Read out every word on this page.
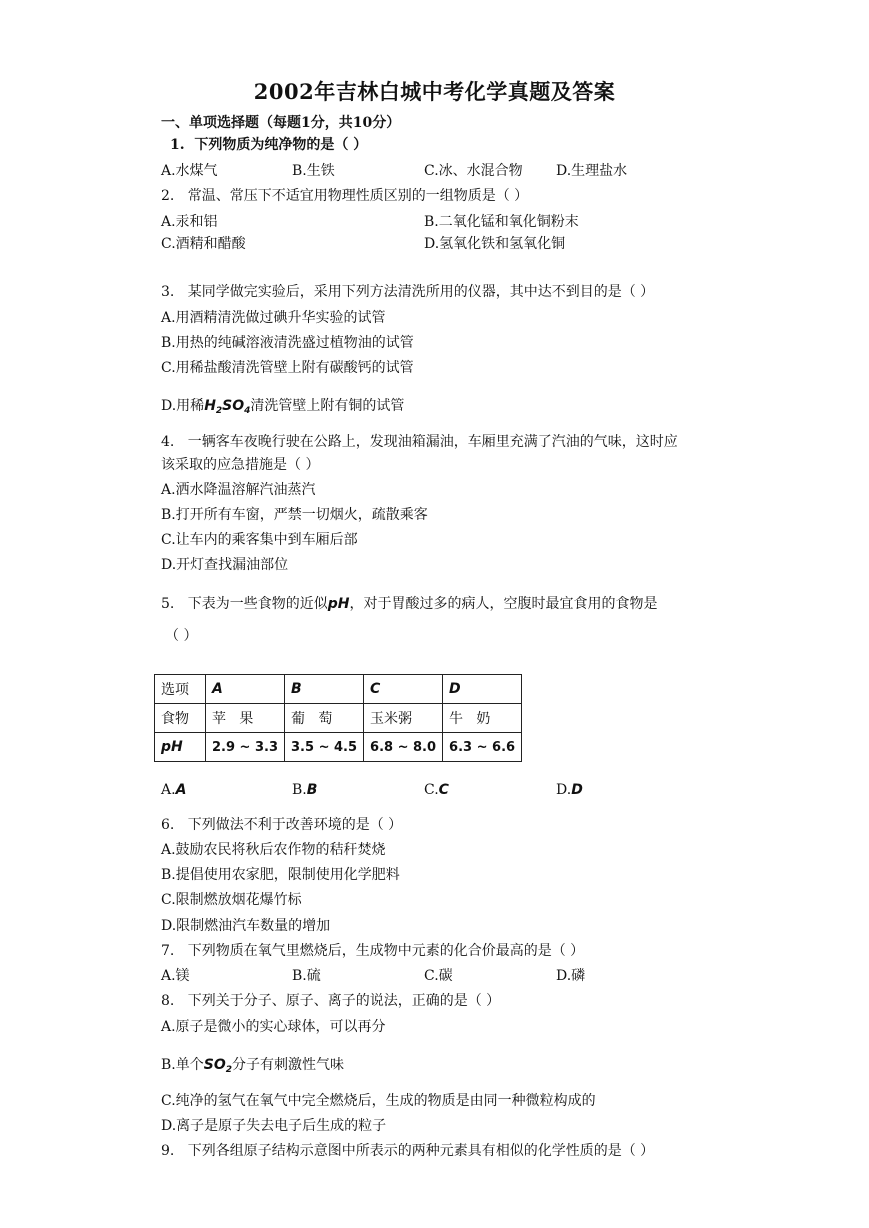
2002年吉林白城中考化学真题及答案
一、单项选择题（每题1分，共10分）
1.  下列物质为纯净物的是（ ）
A.水煤气	B.生铁	C.冰、水混合物 D.生理盐水
2.   常温、常压下不适宜用物理性质区别的一组物质是（ ）
A.汞和铝	B.二氧化锰和氧化铜粉末
C.酒精和醋酸	D.氢氧化铁和氢氧化铜
3.   某同学做完实验后，采用下列方法清洗所用的仪器，其中达不到目的是（ ）
A.用酒精清洗做过碘升华实验的试管
B.用热的纯碱溶液清洗盛过植物油的试管
C.用稀盐酸清洗管壁上附有碳酸钙的试管
D.用稀$H_2SO_4$清洗管壁上附有铜的试管
4.   一辆客车夜晚行驶在公路上，发现油箱漏油，车厢里充满了汽油的气味，这时应
该采取的应急措施是（ ）
A.洒水降温溶解汽油蒸汽
B.打开所有车窗，严禁一切烟火，疏散乘客
C.让车内的乘客集中到车厢后部
D.开灯查找漏油部位
5.   下表为一些食物的近似pH，对于胃酸过多的病人，空腹时最宜食用的食物是
（ ）
选项	A	B	C	D
食物	苹   果	葡   萄	玉米粥	牛   奶
pH	2.9 ~ 3.3	3.5 ~ 4.5	6.8 ~ 8.0	6.3 ~ 6.6
A.A	B.B	C.C	D.D
6.   下列做法不利于改善环境的是（ ）
A.鼓励农民将秋后农作物的秸秆焚烧
B.提倡使用农家肥，限制使用化学肥料
C.限制燃放烟花爆竹标
D.限制燃油汽车数量的增加
7.   下列物质在氧气里燃烧后，生成物中元素的化合价最高的是（ ）
A.镁	B.硫	C.碳	D.磷
8.   下列关于分子、原子、离子的说法，正确的是（ ）
A.原子是微小的实心球体，可以再分
B.单个$SO_2$分子有刺激性气味
C.纯净的氢气在氧气中完全燃烧后，生成的物质是由同一种微粒构成的
D.离子是原子失去电子后生成的粒子
9.   下列各组原子结构示意图中所表示的两种元素具有相似的化学性质的是（ ）
